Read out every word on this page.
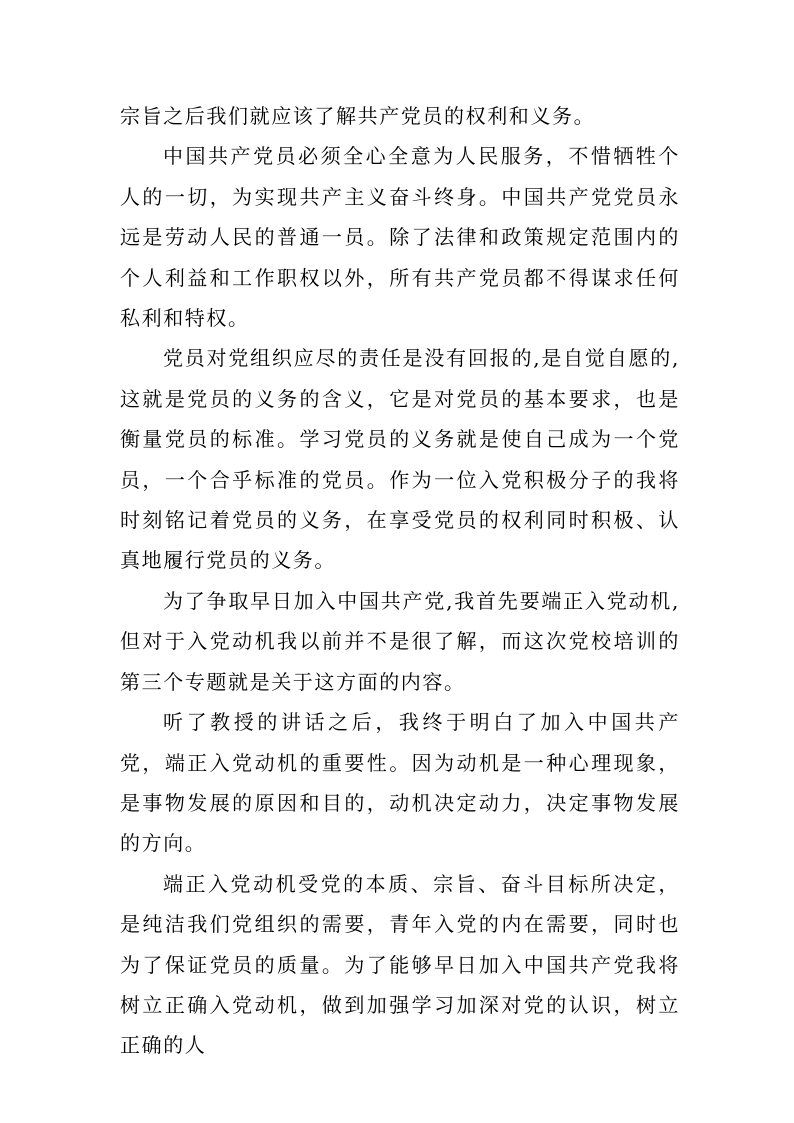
宗旨之后我们就应该了解共产党员的权利和义务。

中国共产党员必须全心全意为人民服务，不惜牺牲个人的一切，为实现共产主义奋斗终身。中国共产党党员永远是劳动人民的普通一员。除了法律和政策规定范围内的个人利益和工作职权以外，所有共产党员都不得谋求任何私利和特权。

党员对党组织应尽的责任是没有回报的,是自觉自愿的,这就是党员的义务的含义，它是对党员的基本要求，也是衡量党员的标准。学习党员的义务就是使自己成为一个党员，一个合乎标准的党员。作为一位入党积极分子的我将时刻铭记着党员的义务，在享受党员的权利同时积极、认真地履行党员的义务。

为了争取早日加入中国共产党,我首先要端正入党动机,但对于入党动机我以前并不是很了解，而这次党校培训的第三个专题就是关于这方面的内容。

听了教授的讲话之后，我终于明白了加入中国共产党，端正入党动机的重要性。因为动机是一种心理现象，是事物发展的原因和目的，动机决定动力，决定事物发展的方向。

端正入党动机受党的本质、宗旨、奋斗目标所决定，是纯洁我们党组织的需要，青年入党的内在需要，同时也为了保证党员的质量。为了能够早日加入中国共产党我将树立正确入党动机，做到加强学习加深对党的认识，树立正确的人
